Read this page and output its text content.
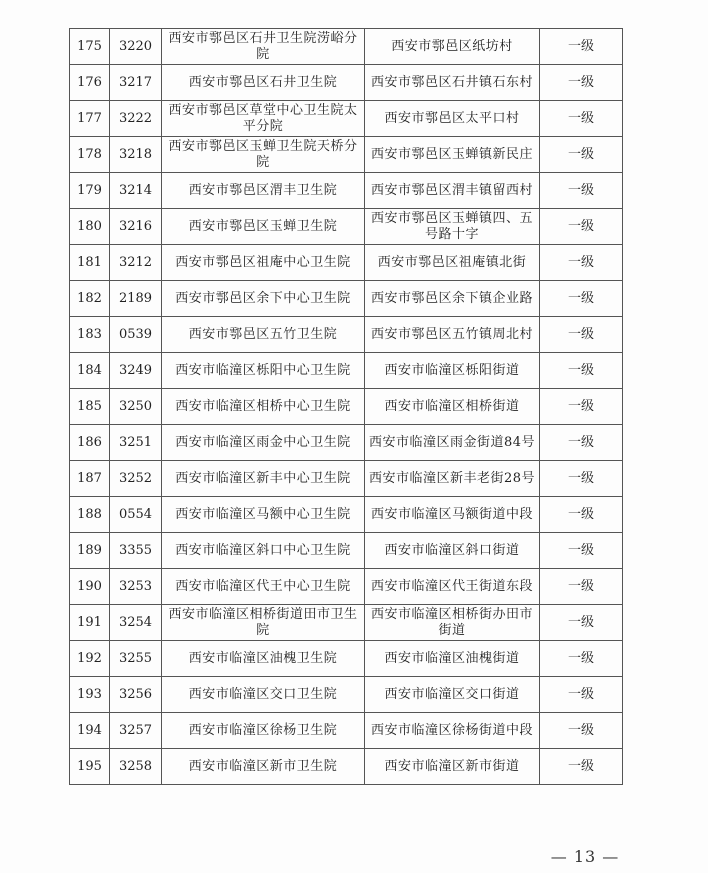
175	3220	西安市鄠邑区石井卫生院涝峪分院	西安市鄠邑区纸坊村	一级
176	3217	西安市鄠邑区石井卫生院	西安市鄠邑区石井镇石东村	一级
177	3222	西安市鄠邑区草堂中心卫生院太平分院	西安市鄠邑区太平口村	一级
178	3218	西安市鄠邑区玉蝉卫生院天桥分院	西安市鄠邑区玉蝉镇新民庄	一级
179	3214	西安市鄠邑区渭丰卫生院	西安市鄠邑区渭丰镇留西村	一级
180	3216	西安市鄠邑区玉蝉卫生院	西安市鄠邑区玉蝉镇四、五号路十字	一级
181	3212	西安市鄠邑区祖庵中心卫生院	西安市鄠邑区祖庵镇北街	一级
182	2189	西安市鄠邑区余下中心卫生院	西安市鄠邑区余下镇企业路	一级
183	0539	西安市鄠邑区五竹卫生院	西安市鄠邑区五竹镇周北村	一级
184	3249	西安市临潼区栎阳中心卫生院	西安市临潼区栎阳街道	一级
185	3250	西安市临潼区相桥中心卫生院	西安市临潼区相桥街道	一级
186	3251	西安市临潼区雨金中心卫生院	西安市临潼区雨金街道84号	一级
187	3252	西安市临潼区新丰中心卫生院	西安市临潼区新丰老街28号	一级
188	0554	西安市临潼区马额中心卫生院	西安市临潼区马额街道中段	一级
189	3355	西安市临潼区斜口中心卫生院	西安市临潼区斜口街道	一级
190	3253	西安市临潼区代王中心卫生院	西安市临潼区代王街道东段	一级
191	3254	西安市临潼区相桥街道田市卫生院	西安市临潼区相桥街办田市街道	一级
192	3255	西安市临潼区油槐卫生院	西安市临潼区油槐街道	一级
193	3256	西安市临潼区交口卫生院	西安市临潼区交口街道	一级
194	3257	西安市临潼区徐杨卫生院	西安市临潼区徐杨街道中段	一级
195	3258	西安市临潼区新市卫生院	西安市临潼区新市街道	一级
— 13 —
